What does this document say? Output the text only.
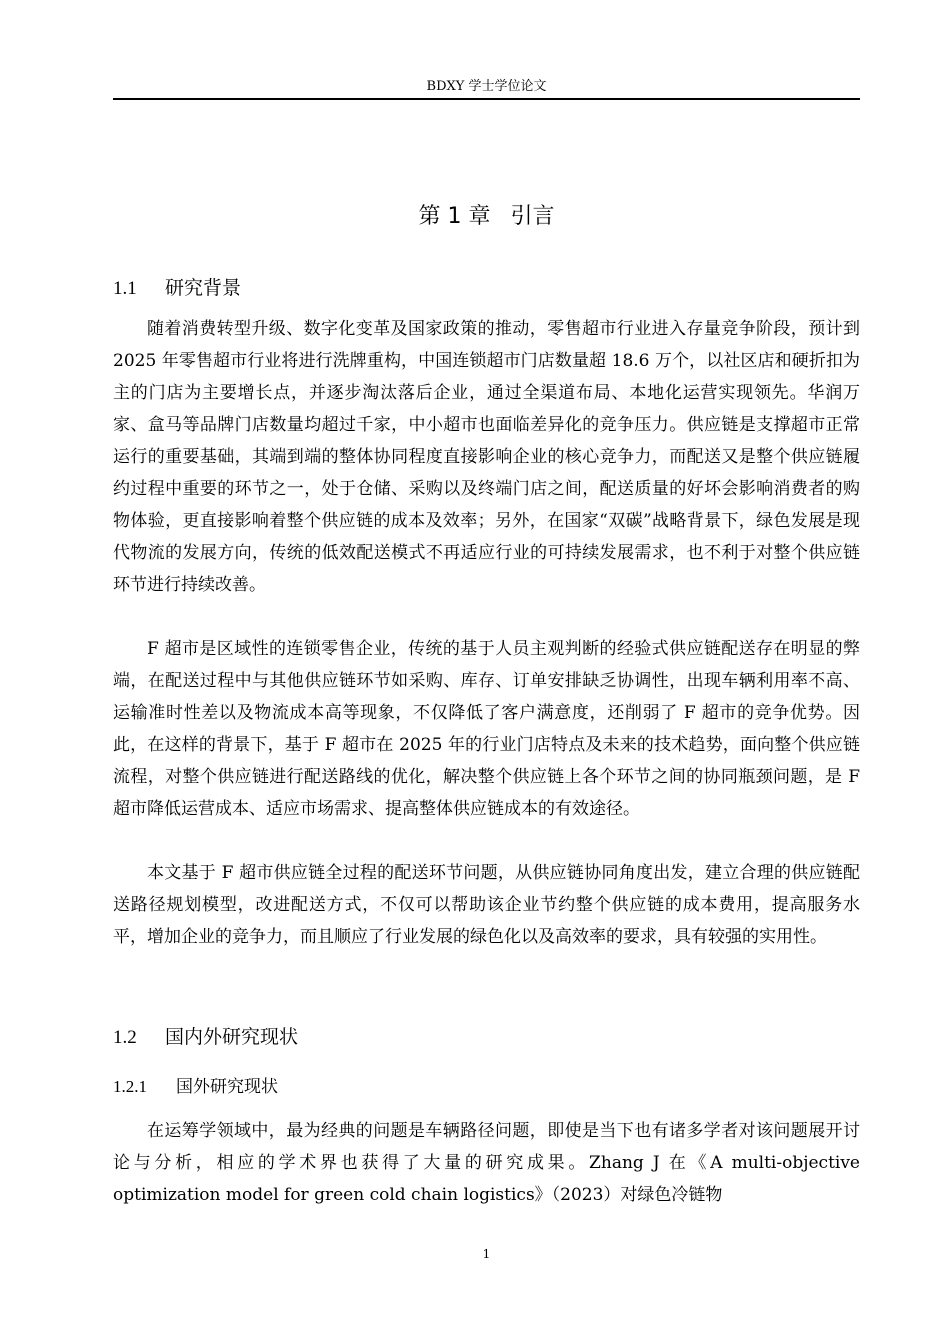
BDXY 学士学位论文
第 1 章 引言
1.1 研究背景

随着消费转型升级、数字化变革及国家政策的推动，零售超市行业进入存量竞争阶段，预计到 2025 年零售超市行业将进行洗牌重构，中国连锁超市门店数量超 18.6 万个，以社区店和硬折扣为主的门店为主要增长点，并逐步淘汰落后企业，通过全渠道布局、本地化运营实现领先。华润万家、盒马等品牌门店数量均超过千家，中小超市也面临差异化的竞争压力。供应链是支撑超市正常运行的重要基础，其端到端的整体协同程度直接影响企业的核心竞争力，而配送又是整个供应链履约过程中重要的环节之一，处于仓储、采购以及终端门店之间，配送质量的好坏会影响消费者的购物体验，更直接影响着整个供应链的成本及效率；另外，在国家“双碳”战略背景下，绿色发展是现代物流的发展方向，传统的低效配送模式不再适应行业的可持续发展需求，也不利于对整个供应链环节进行持续改善。

F 超市是区域性的连锁零售企业，传统的基于人员主观判断的经验式供应链配送存在明显的弊端，在配送过程中与其他供应链环节如采购、库存、订单安排缺乏协调性，出现车辆利用率不高、运输准时性差以及物流成本高等现象，不仅降低了客户满意度，还削弱了 F 超市的竞争优势。因此，在这样的背景下，基于 F 超市在 2025 年的行业门店特点及未来的技术趋势，面向整个供应链流程，对整个供应链进行配送路线的优化，解决整个供应链上各个环节之间的协同瓶颈问题，是 F 超市降低运营成本、适应市场需求、提高整体供应链成本的有效途径。

本文基于 F 超市供应链全过程的配送环节问题，从供应链协同角度出发，建立合理的供应链配送路径规划模型，改进配送方式，不仅可以帮助该企业节约整个供应链的成本费用，提高服务水平，增加企业的竞争力，而且顺应了行业发展的绿色化以及高效率的要求，具有较强的实用性。

1.2 国内外研究现状
1.2.1 国外研究现状

在运筹学领域中，最为经典的问题是车辆路径问题，即使是当下也有诸多学者对该问题展开讨论与分析，相应的学术界也获得了大量的研究成果。Zhang J 在《A multi-objective optimization model for green cold chain logistics》（2023）对绿色冷链物

1
